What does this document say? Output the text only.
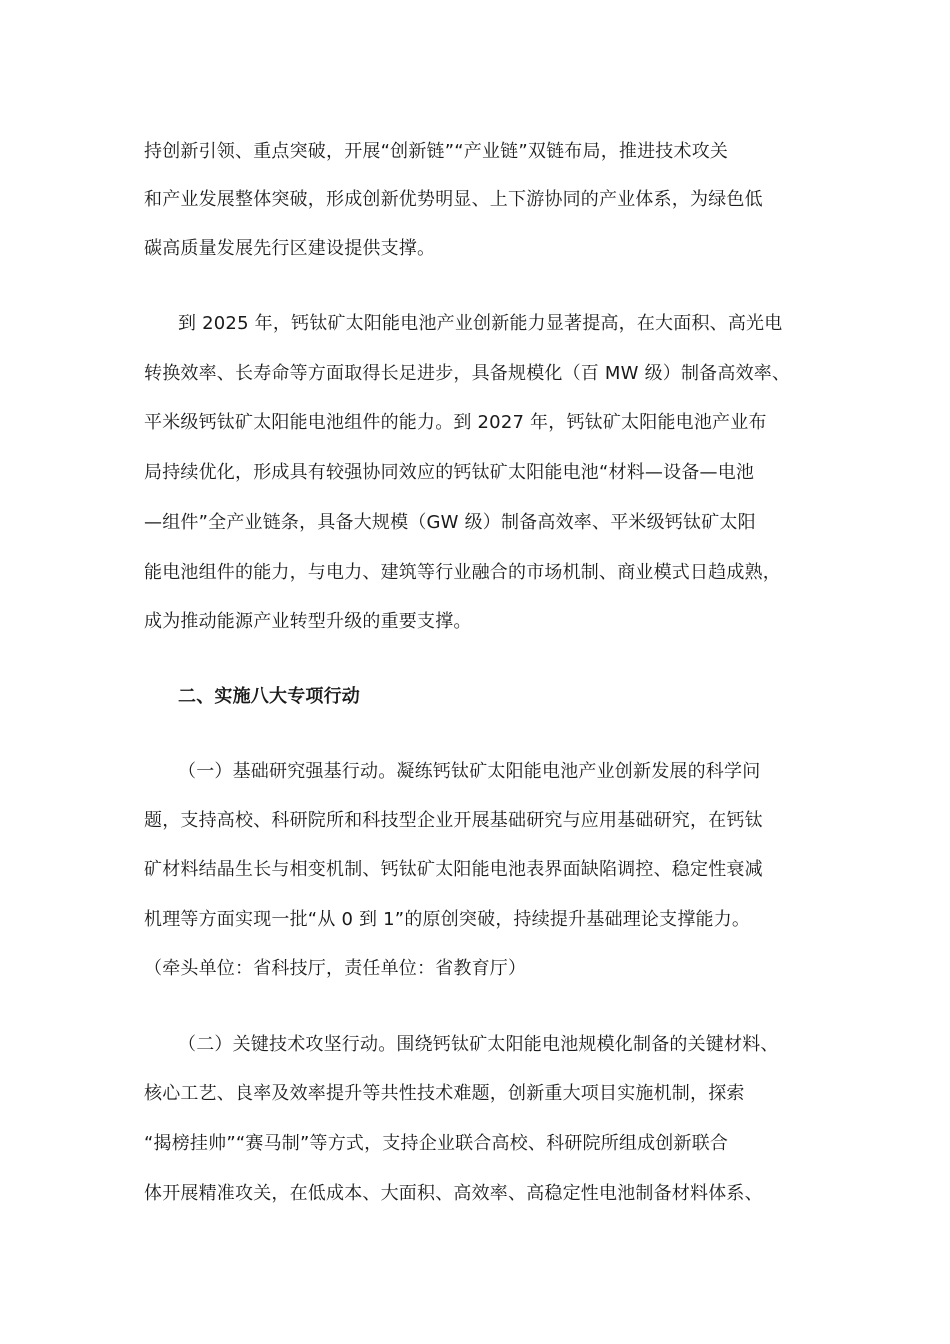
持创新引领、重点突破，开展“创新链”“产业链”双链布局，推进技术攻关
和产业发展整体突破，形成创新优势明显、上下游协同的产业体系，为绿色低
碳高质量发展先行区建设提供支撑。
到 2025 年，钙钛矿太阳能电池产业创新能力显著提高，在大面积、高光电
转换效率、长寿命等方面取得长足进步，具备规模化（百 MW 级）制备高效率、
平米级钙钛矿太阳能电池组件的能力。到 2027 年，钙钛矿太阳能电池产业布
局持续优化，形成具有较强协同效应的钙钛矿太阳能电池“材料—设备—电池
—组件”全产业链条，具备大规模（GW 级）制备高效率、平米级钙钛矿太阳
能电池组件的能力，与电力、建筑等行业融合的市场机制、商业模式日趋成熟，
成为推动能源产业转型升级的重要支撑。
二、实施八大专项行动
（一）基础研究强基行动。凝练钙钛矿太阳能电池产业创新发展的科学问
题，支持高校、科研院所和科技型企业开展基础研究与应用基础研究，在钙钛
矿材料结晶生长与相变机制、钙钛矿太阳能电池表界面缺陷调控、稳定性衰减
机理等方面实现一批“从 0 到 1”的原创突破，持续提升基础理论支撑能力。
（牵头单位：省科技厅，责任单位：省教育厅）
（二）关键技术攻坚行动。围绕钙钛矿太阳能电池规模化制备的关键材料、
核心工艺、良率及效率提升等共性技术难题，创新重大项目实施机制，探索
“揭榜挂帅”“赛马制”等方式，支持企业联合高校、科研院所组成创新联合
体开展精准攻关，在低成本、大面积、高效率、高稳定性电池制备材料体系、
